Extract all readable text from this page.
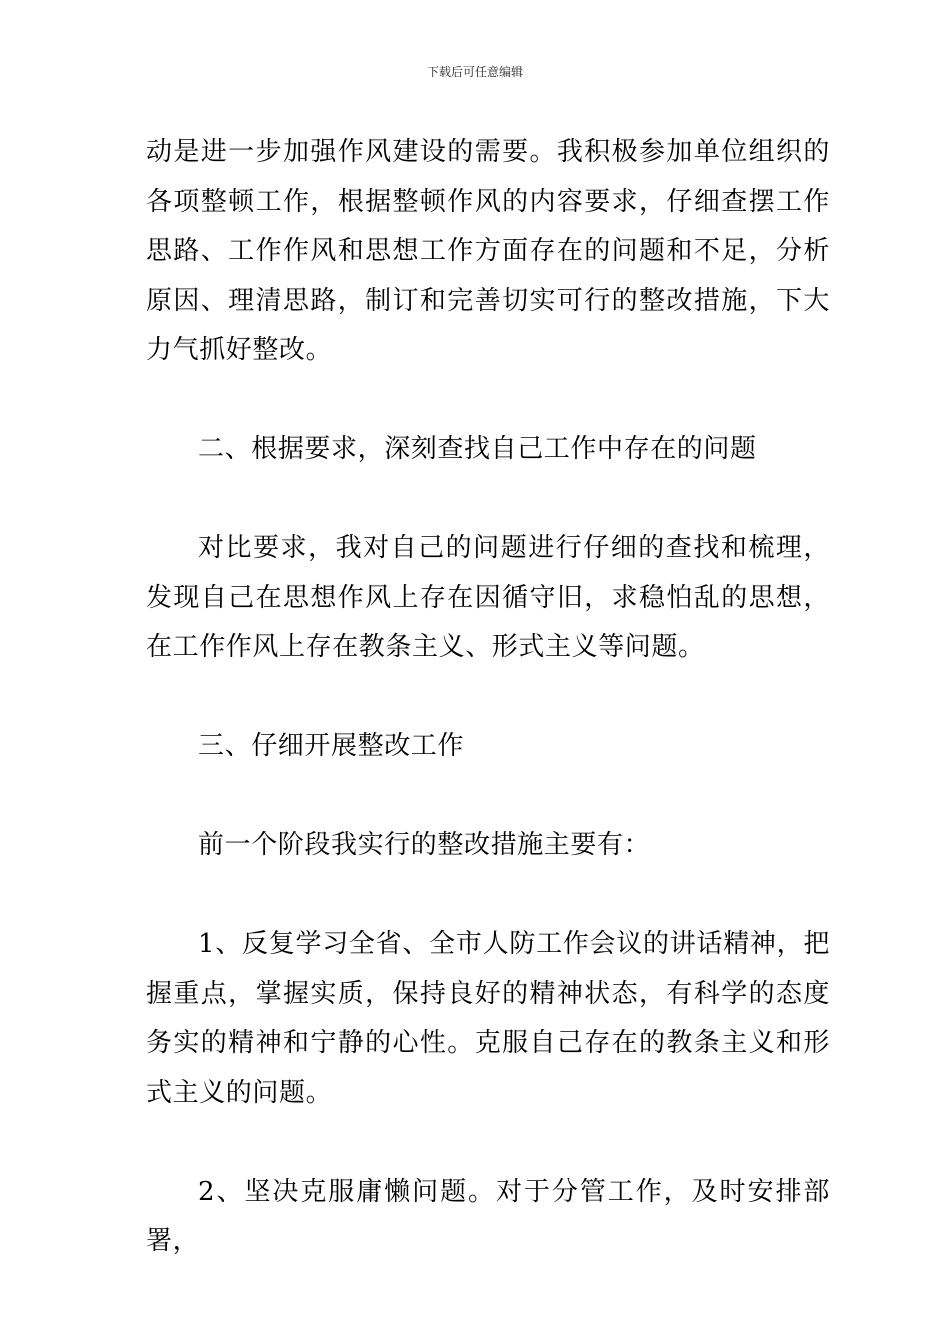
下载后可任意编辑

动是进一步加强作风建设的需要。我积极参加单位组织的各项整顿工作，根据整顿作风的内容要求，仔细查摆工作思路、工作作风和思想工作方面存在的问题和不足，分析原因、理清思路，制订和完善切实可行的整改措施，下大力气抓好整改。

二、根据要求，深刻查找自己工作中存在的问题

对比要求，我对自己的问题进行仔细的查找和梳理，发现自己在思想作风上存在因循守旧，求稳怕乱的思想，在工作作风上存在教条主义、形式主义等问题。

三、仔细开展整改工作

前一个阶段我实行的整改措施主要有：

1、反复学习全省、全市人防工作会议的讲话精神，把握重点，掌握实质，保持良好的精神状态，有科学的态度务实的精神和宁静的心性。克服自己存在的教条主义和形式主义的问题。

2、坚决克服庸懒问题。对于分管工作，及时安排部署，
